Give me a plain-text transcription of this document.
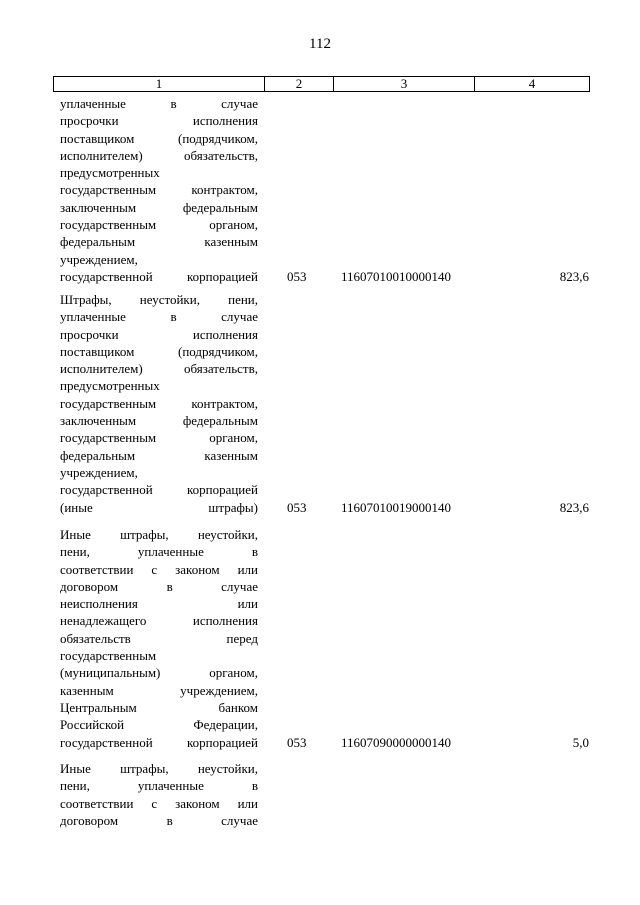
112
1	2	3	4
уплаченные в случае
просрочки исполнения
поставщиком (подрядчиком,
исполнителем) обязательств,
предусмотренных
государственным контрактом,
заключенным федеральным
государственным органом,
федеральным казенным
учреждением,
государственной корпорацией 053	11607010010000140	823,6
Штрафы, неустойки, пени,
уплаченные в случае
просрочки исполнения
поставщиком (подрядчиком,
исполнителем) обязательств,
предусмотренных
государственным контрактом,
заключенным федеральным
государственным органом,
федеральным казенным
учреждением,
государственной корпорацией
(иные штрафы) 053	11607010019000140	823,6
Иные штрафы, неустойки,
пени, уплаченные в
соответствии с законом или
договором в случае
неисполнения или
ненадлежащего исполнения
обязательств перед
государственным
(муниципальным) органом,
казенным учреждением,
Центральным банком
Российской Федерации,
государственной корпорацией 053	11607090000000140	5,0
Иные штрафы, неустойки,
пени, уплаченные в
соответствии с законом или
договором в случае
